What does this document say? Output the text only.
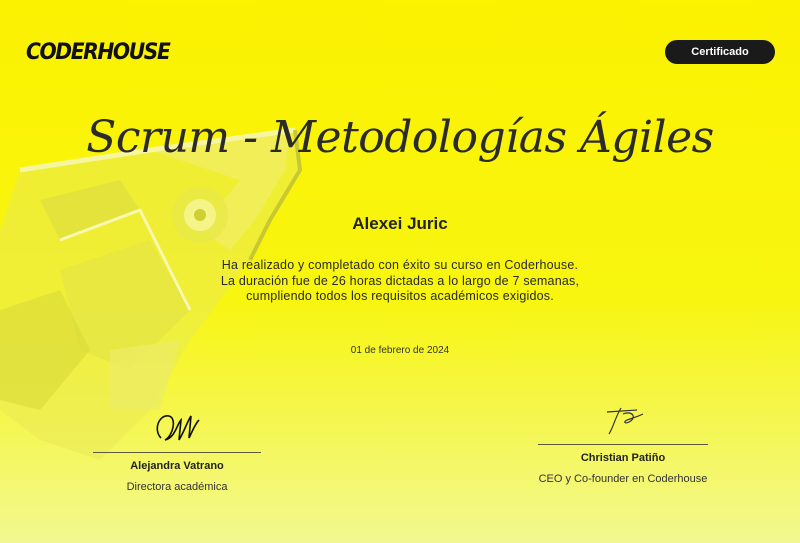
CODERHOUSE	Certificado
Scrum - Metodologías Ágiles
Alexei Juric
Ha realizado y completado con éxito su curso en Coderhouse.
La duración fue de 26 horas dictadas a lo largo de 7 semanas,
cumpliendo todos los requisitos académicos exigidos.
01 de febrero de 2024
Alejandra Vatrano
Directora académica
Christian Patiño
CEO y Co-founder en Coderhouse
